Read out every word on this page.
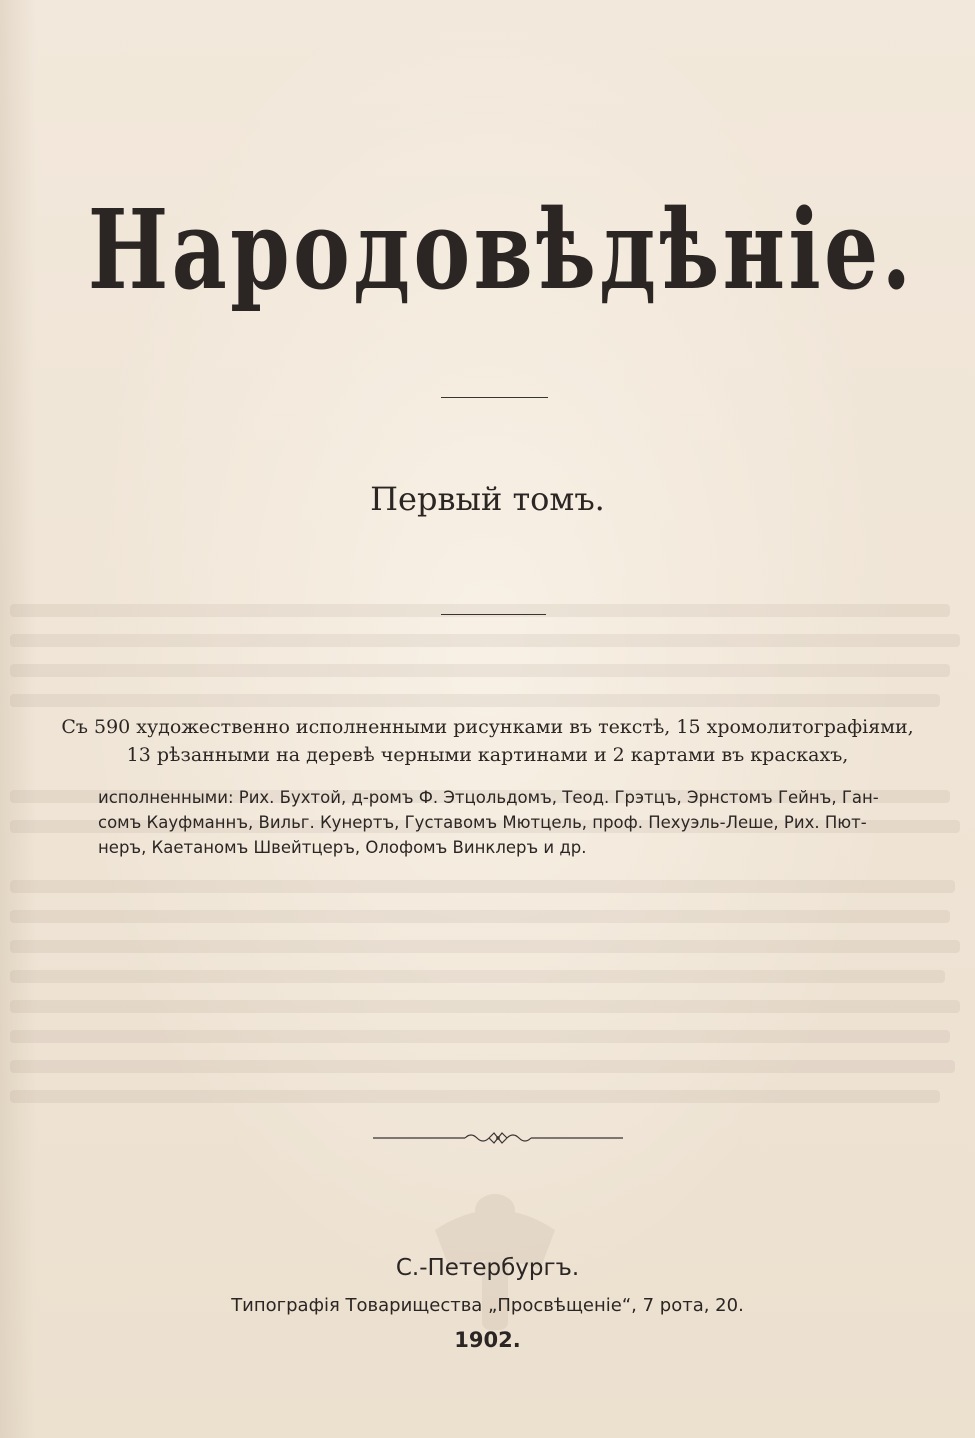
Народовѣдѣніе.
Первый томъ.
Съ 590 художественно исполненными рисунками въ текстѣ, 15 хромолитографіями,
13 рѣзанными на деревѣ черными картинами и 2 картами въ краскахъ,
исполненными: Рих. Бухтой, д-ромъ Ф. Этцольдомъ, Теод. Грэтцъ, Эрнстомъ Гейнъ, Ган-
сомъ Кауфманнъ, Вильг. Кунертъ, Густавомъ Мютцель, проф. Пехуэль-Леше, Рих. Пют-
неръ, Каетаномъ Швейтцеръ, Олофомъ Винклеръ и др.
С.-Петербургъ.
Типографія Товарищества „Просвѣщеніе“, 7 рота, 20.
1902.
